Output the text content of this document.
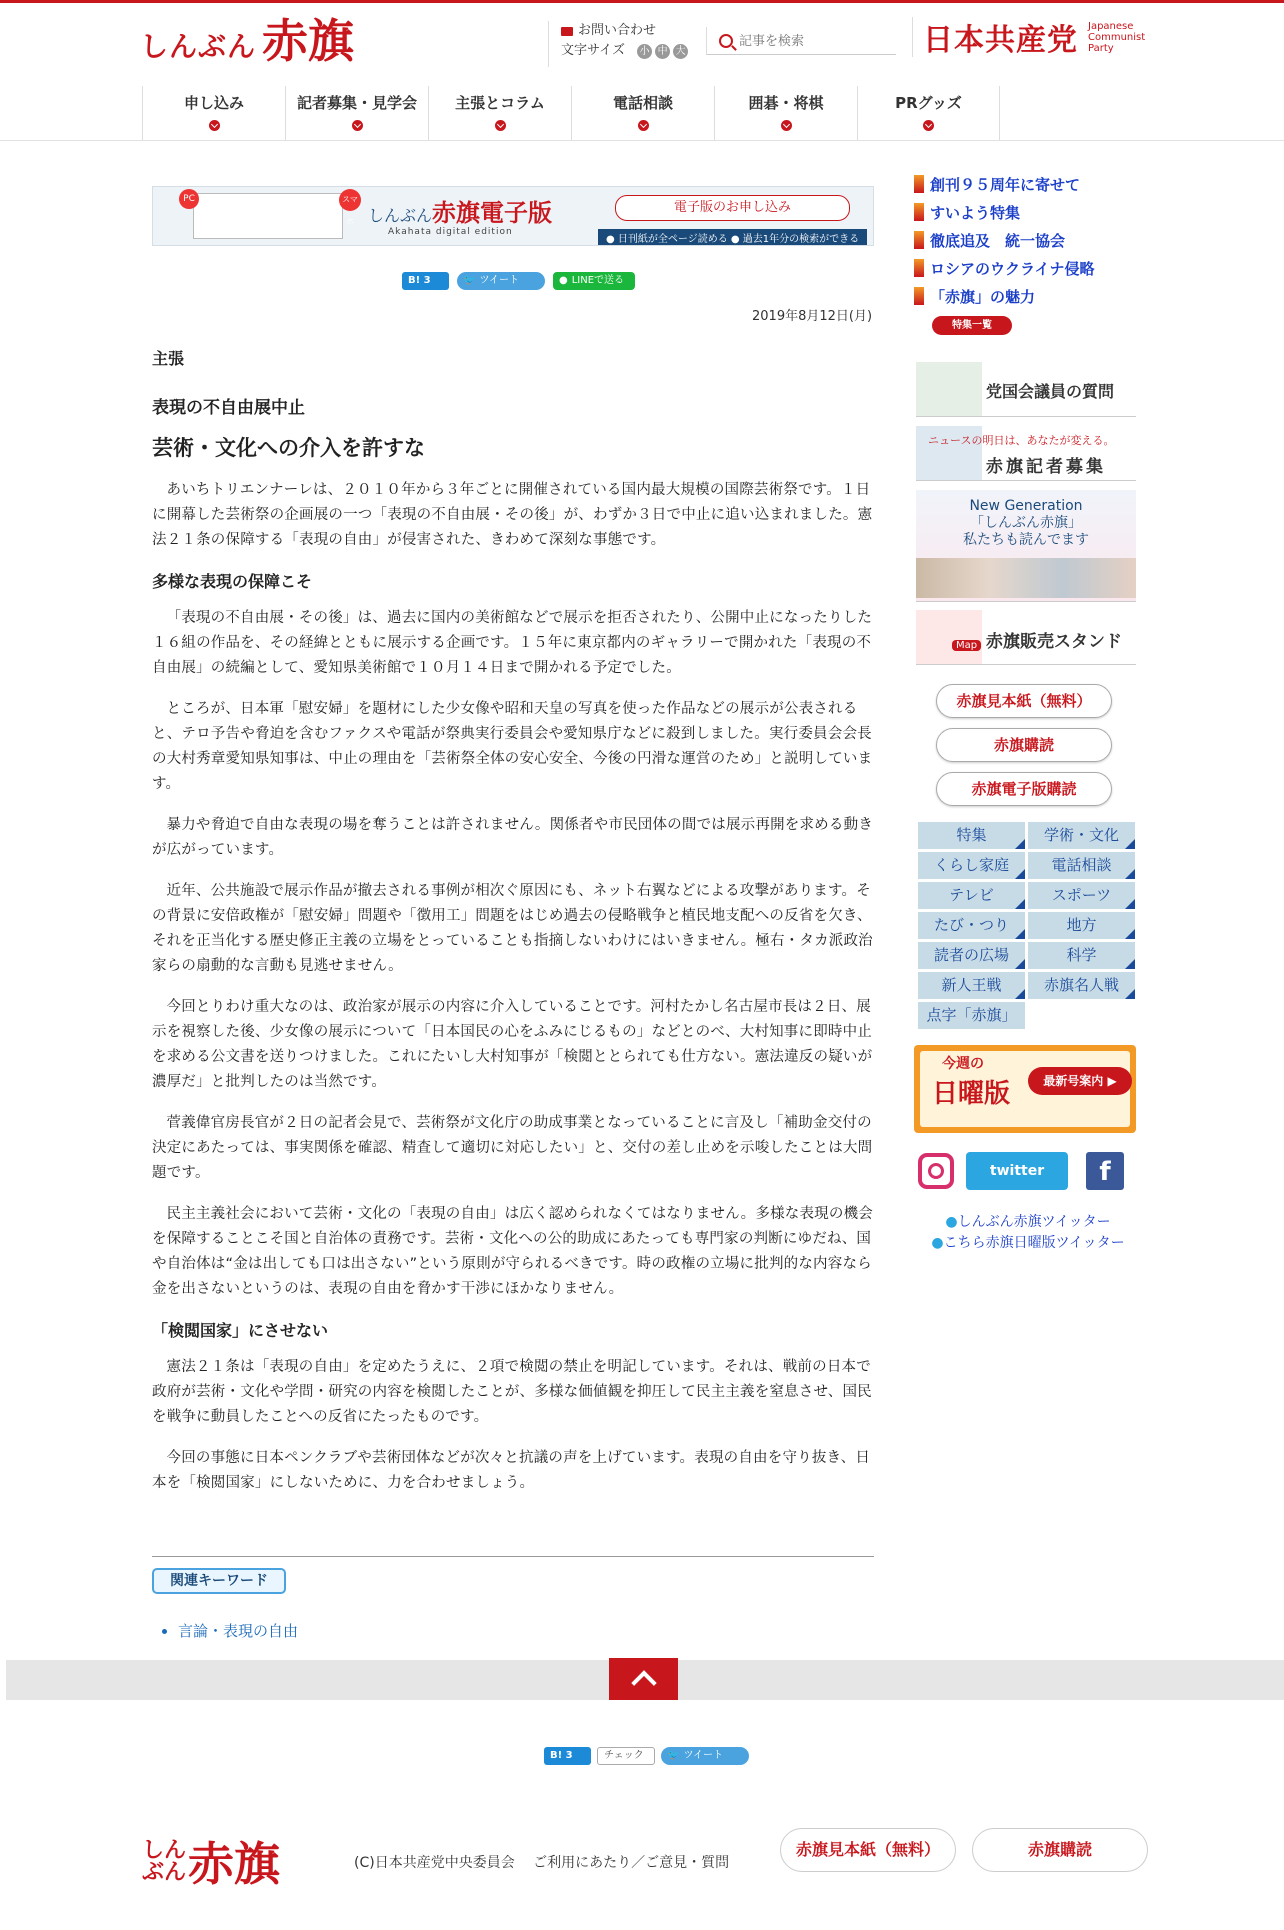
しんぶん 赤旗	お問い合わせ
文字サイズ 小 中 大
記事を検索	日本共産党 Japanese
Communist
Party
申し込み	記者募集・見学会	主張とコラム	電話相談	囲碁・将棋	PRグッズ
PC	スマホ しんぶん赤旗電子版
Akahata digital edition
電子版のお申し込み
● 日刊紙が全ページ読める ● 過去1年分の検索ができる
B! 3	🐦 ツイート	● LINEで送る
2019年8月12日(月)
主張
表現の不自由展中止
芸術・文化への介入を許すな

あいちトリエンナーレは、２０１０年から３年ごとに開催されている国内最大規模の国際芸術祭です。１日に開幕した芸術祭の企画展の一つ「表現の不自由展・その後」が、わずか３日で中止に追い込まれました。憲法２１条の保障する「表現の自由」が侵害された、きわめて深刻な事態です。

多様な表現の保障こそ

「表現の不自由展・その後」は、過去に国内の美術館などで展示を拒否されたり、公開中止になったりした１６組の作品を、その経緯とともに展示する企画です。１５年に東京都内のギャラリーで開かれた「表現の不自由展」の続編として、愛知県美術館で１０月１４日まで開かれる予定でした。

ところが、日本軍「慰安婦」を題材にした少女像や昭和天皇の写真を使った作品などの展示が公表されると、テロ予告や脅迫を含むファクスや電話が祭典実行委員会や愛知県庁などに殺到しました。実行委員会会長の大村秀章愛知県知事は、中止の理由を「芸術祭全体の安心安全、今後の円滑な運営のため」と説明しています。

暴力や脅迫で自由な表現の場を奪うことは許されません。関係者や市民団体の間では展示再開を求める動きが広がっています。

近年、公共施設で展示作品が撤去される事例が相次ぐ原因にも、ネット右翼などによる攻撃があります。その背景に安倍政権が「慰安婦」問題や「徴用工」問題をはじめ過去の侵略戦争と植民地支配への反省を欠き、それを正当化する歴史修正主義の立場をとっていることも指摘しないわけにはいきません。極右・タカ派政治家らの扇動的な言動も見逃せません。

今回とりわけ重大なのは、政治家が展示の内容に介入していることです。河村たかし名古屋市長は２日、展示を視察した後、少女像の展示について「日本国民の心をふみにじるもの」などとのべ、大村知事に即時中止を求める公文書を送りつけました。これにたいし大村知事が「検閲ととられても仕方ない。憲法違反の疑いが濃厚だ」と批判したのは当然です。

菅義偉官房長官が２日の記者会見で、芸術祭が文化庁の助成事業となっていることに言及し「補助金交付の決定にあたっては、事実関係を確認、精査して適切に対応したい」と、交付の差し止めを示唆したことは大問題です。

民主主義社会において芸術・文化の「表現の自由」は広く認められなくてはなりません。多様な表現の機会を保障することこそ国と自治体の責務です。芸術・文化への公的助成にあたっても専門家の判断にゆだね、国や自治体は“金は出しても口は出さない”という原則が守られるべきです。時の政権の立場に批判的な内容なら金を出さないというのは、表現の自由を脅かす干渉にほかなりません。

「検閲国家」にさせない

憲法２１条は「表現の自由」を定めたうえに、２項で検閲の禁止を明記しています。それは、戦前の日本で政府が芸術・文化や学問・研究の内容を検閲したことが、多様な価値観を抑圧して民主主義を窒息させ、国民を戦争に動員したことへの反省にたったものです。

今回の事態に日本ペンクラブや芸術団体などが次々と抗議の声を上げています。表現の自由を守り抜き、日本を「検閲国家」にしないために、力を合わせましょう。

関連キーワード
• 言論・表現の自由
創刊９５周年に寄せて
すいよう特集
徹底追及　統一協会
ロシアのウクライナ侵略
「赤旗」の魅力
特集一覧
党国会議員の質問
ニュースの明日は、あなたが変える。
赤旗記者募集
New Generation
「しんぶん赤旗」
私たちも読んでます
Map 赤旗販売スタンド
赤旗見本紙（無料）
赤旗購読
赤旗電子版購読
特集	学術・文化
くらし家庭	電話相談
テレビ	スポーツ
たび・つり	地方
読者の広場	科学
新人王戦	赤旗名人戦
点字「赤旗」
今週の
日曜版	最新号案内 ▶
twitter	f
●しんぶん赤旗ツイッター
●こちら赤旗日曜版ツイッター
B! 3	チェック	🐦 ツイート
しんぶん 赤旗	(C)日本共産党中央委員会　 ご利用にあたり／ご意見・質問
赤旗見本紙（無料）	赤旗購読
